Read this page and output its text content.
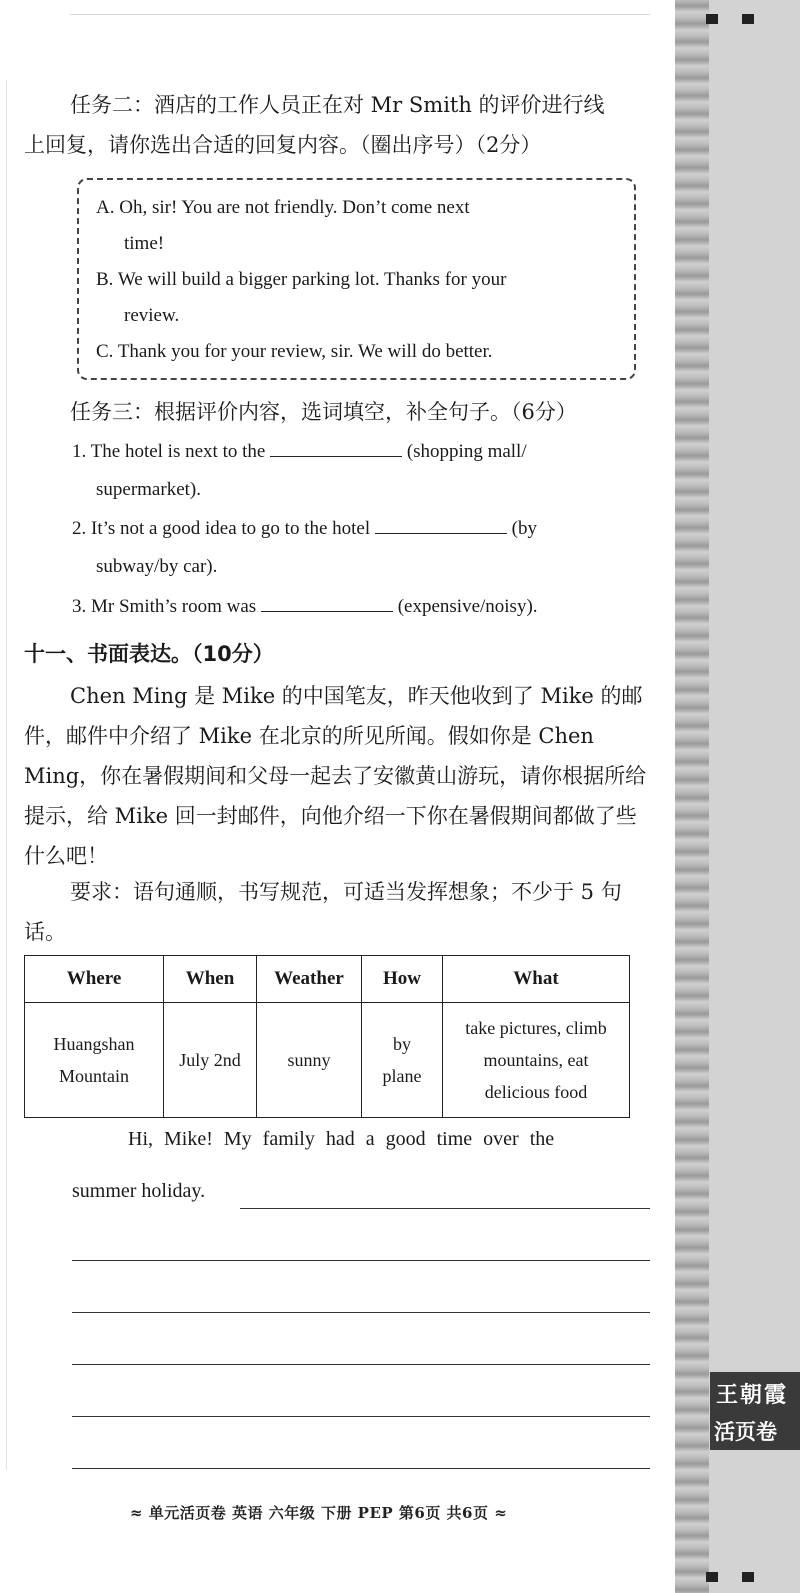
任务二：酒店的工作人员正在对 Mr Smith 的评价进行线
上回复，请你选出合适的回复内容。（圈出序号）（2分）
A. Oh, sir! You are not friendly. Don’t come next
time!
B. We will build a bigger parking lot. Thanks for your
review.
C. Thank you for your review, sir. We will do better.
任务三：根据评价内容，选词填空，补全句子。（6分）
1. The hotel is next to the	(shopping mall/
supermarket).
2. It’s not a good idea to go to the hotel	(by
subway/by car).
3. Mr Smith’s room was	(expensive/noisy).
十一、书面表达。（10分）
Chen Ming 是 Mike 的中国笔友，昨天他收到了 Mike 的邮件，邮件中介绍了 Mike 在北京的所见所闻。假如你是 Chen Ming，你在暑假期间和父母一起去了安徽黄山游玩，请你根据所给提示，给 Mike 回一封邮件，向他介绍一下你在暑假期间都做了些什么吧！
要求：语句通顺，书写规范，可适当发挥想象；不少于 5 句话。
Where	When	Weather	How	What
Huangshan Mountain	July 2nd	sunny	by plane	take pictures, climb mountains, eat delicious food
Hi, Mike! My family had a good time over the
summer holiday.
≈ 单元活页卷 英语 六年级 下册 PEP 第6页 共6页 ≈
王朝霞
活页卷
